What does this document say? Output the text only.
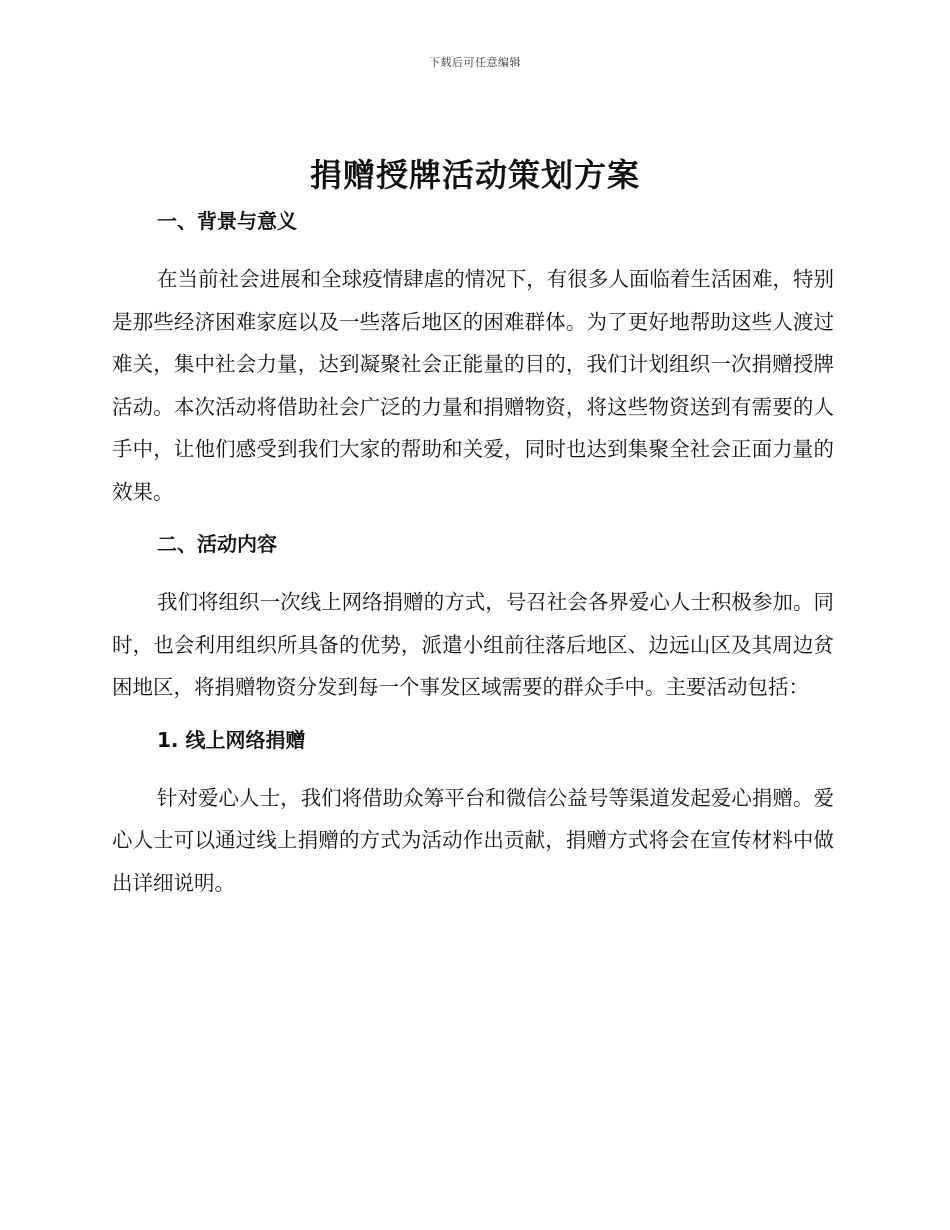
下载后可任意编辑
捐赠授牌活动策划方案
一、背景与意义

在当前社会进展和全球疫情肆虐的情况下，有很多人面临着生活困难，特别是那些经济困难家庭以及一些落后地区的困难群体。为了更好地帮助这些人渡过难关，集中社会力量，达到凝聚社会正能量的目的，我们计划组织一次捐赠授牌活动。本次活动将借助社会广泛的力量和捐赠物资，将这些物资送到有需要的人手中，让他们感受到我们大家的帮助和关爱，同时也达到集聚全社会正面力量的效果。

二、活动内容

我们将组织一次线上网络捐赠的方式，号召社会各界爱心人士积极参加。同时，也会利用组织所具备的优势，派遣小组前往落后地区、边远山区及其周边贫困地区，将捐赠物资分发到每一个事发区域需要的群众手中。主要活动包括：

1. 线上网络捐赠

针对爱心人士，我们将借助众筹平台和微信公益号等渠道发起爱心捐赠。爱心人士可以通过线上捐赠的方式为活动作出贡献，捐赠方式将会在宣传材料中做出详细说明。
